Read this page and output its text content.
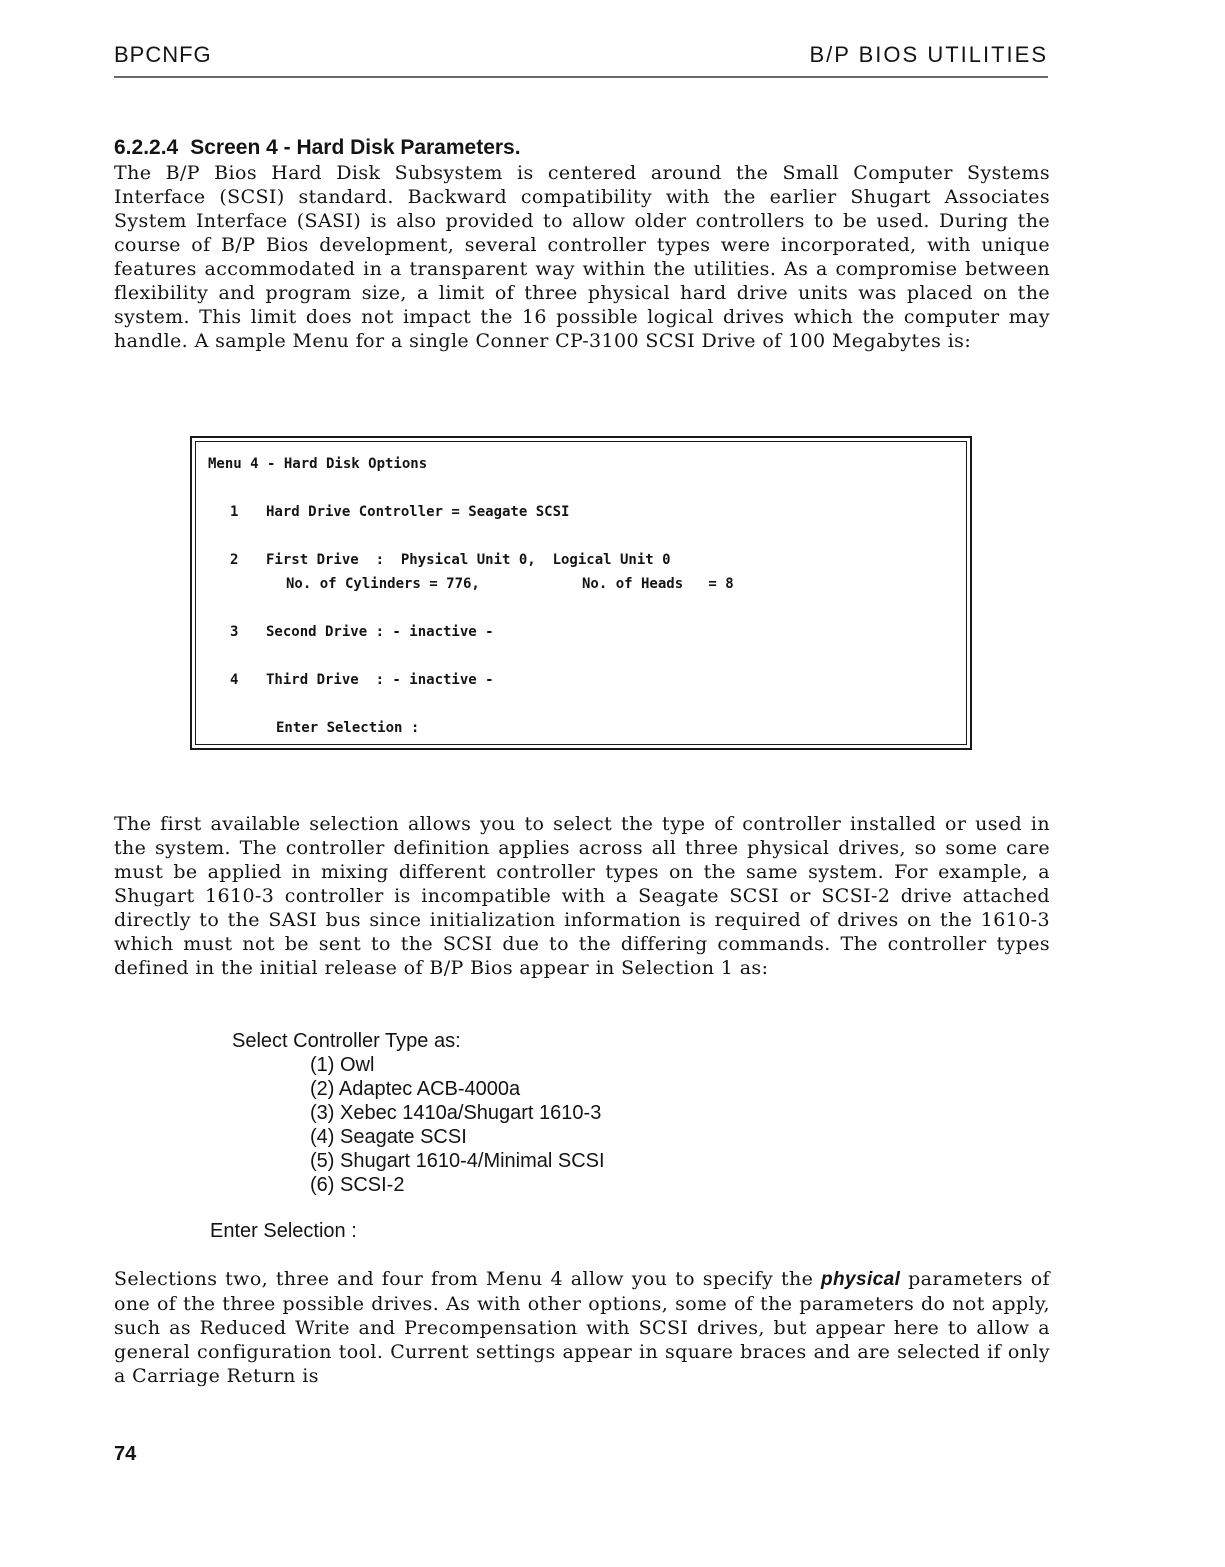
BPCNFG	B/P BIOS UTILITIES
6.2.2.4 Screen 4 - Hard Disk Parameters.

The B/P Bios Hard Disk Subsystem is centered around the Small Computer Systems Interface (SCSI) standard. Backward compatibility with the earlier Shugart Associates System Interface (SASI) is also provided to allow older controllers to be used. During the course of B/P Bios development, several controller types were incorporated, with unique features accommodated in a transparent way within the utilities. As a compromise between flexibility and program size, a limit of three physical hard drive units was placed on the system. This limit does not impact the 16 possible logical drives which the computer may handle. A sample Menu for a single Conner CP-3100 SCSI Drive of 100 Megabytes is:

Menu 4 - Hard Disk Options
1 Hard Drive Controller = Seagate SCSI
2 First Drive  :  Physical Unit 0,  Logical Unit 0
No. of Cylinders = 776,	No. of Heads   = 8
3 Second Drive : - inactive -
4 Third Drive  : - inactive -
Enter Selection :

The first available selection allows you to select the type of controller installed or used in the system. The controller definition applies across all three physical drives, so some care must be applied in mixing different controller types on the same system. For example, a Shugart 1610-3 controller is incompatible with a Seagate SCSI or SCSI-2 drive attached directly to the SASI bus since initialization information is required of drives on the 1610-3 which must not be sent to the SCSI due to the differing commands. The controller types defined in the initial release of B/P Bios appear in Selection 1 as:

Select Controller Type as:
(1) Owl
(2) Adaptec ACB-4000a
(3) Xebec 1410a/Shugart 1610-3
(4) Seagate SCSI
(5) Shugart 1610-4/Minimal SCSI
(6) SCSI-2
Enter Selection :

Selections two, three and four from Menu 4 allow you to specify the physical parameters of one of the three possible drives. As with other options, some of the parameters do not apply, such as Reduced Write and Precompensation with SCSI drives, but appear here to allow a general configuration tool. Current settings appear in square braces and are selected if only a Carriage Return is

74
